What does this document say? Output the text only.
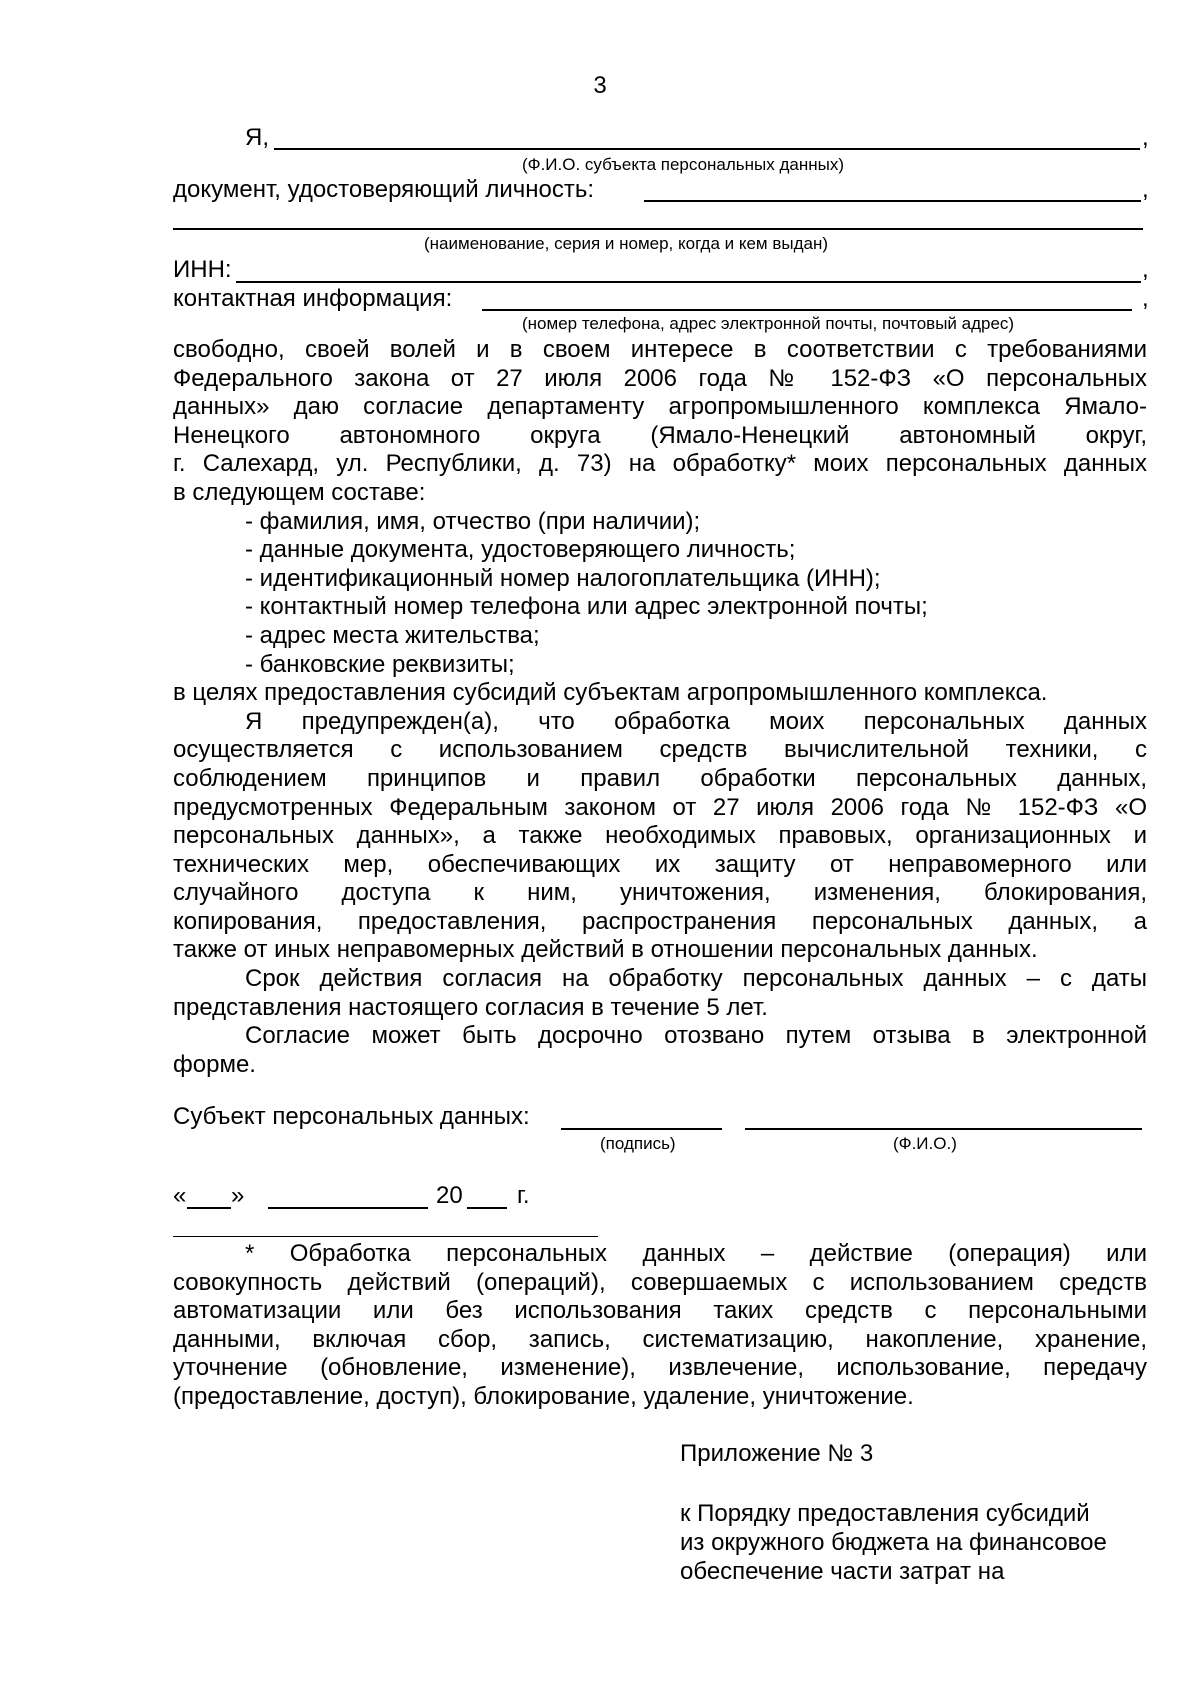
3
Я,	,
(Ф.И.О. субъекта персональных данных)
документ, удостоверяющий личность:	,
(наименование, серия и номер, когда и кем выдан)
ИНН:	,
контактная информация:	,
(номер телефона, адрес электронной почты, почтовый адрес)
свободно, своей волей и в своем интересе в соответствии с требованиями
Федерального закона от 27 июля 2006 года № 152-ФЗ «О персональных
данных» даю согласие департаменту агропромышленного комплекса Ямало-
Ненецкого автономного округа (Ямало-Ненецкий автономный округ,
г. Салехард, ул. Республики, д. 73) на обработку* моих персональных данных
в следующем составе:
- фамилия, имя, отчество (при наличии);
- данные документа, удостоверяющего личность;
- идентификационный номер налогоплательщика (ИНН);
- контактный номер телефона или адрес электронной почты;
- адрес места жительства;
- банковские реквизиты;
в целях предоставления субсидий субъектам агропромышленного комплекса.
Я предупрежден(а), что обработка моих персональных данных
осуществляется с использованием средств вычислительной техники, с
соблюдением принципов и правил обработки персональных данных,
предусмотренных Федеральным законом от 27 июля 2006 года № 152-ФЗ «О
персональных данных», а также необходимых правовых, организационных и
технических мер, обеспечивающих их защиту от неправомерного или
случайного доступа к ним, уничтожения, изменения, блокирования,
копирования, предоставления, распространения персональных данных, а
также от иных неправомерных действий в отношении персональных данных.
Срок действия согласия на обработку персональных данных – с даты
представления настоящего согласия в течение 5 лет.
Согласие может быть досрочно отозвано путем отзыва в электронной
форме.
Субъект персональных данных:
(подпись)	(Ф.И.О.)
« »	20 г.
* Обработка персональных данных – действие (операция) или
совокупность действий (операций), совершаемых с использованием средств
автоматизации или без использования таких средств с персональными
данными, включая сбор, запись, систематизацию, накопление, хранение,
уточнение (обновление, изменение), извлечение, использование, передачу
(предоставление, доступ), блокирование, удаление, уничтожение.
Приложение № 3
к Порядку предоставления субсидий
из окружного бюджета на финансовое
обеспечение части затрат на
